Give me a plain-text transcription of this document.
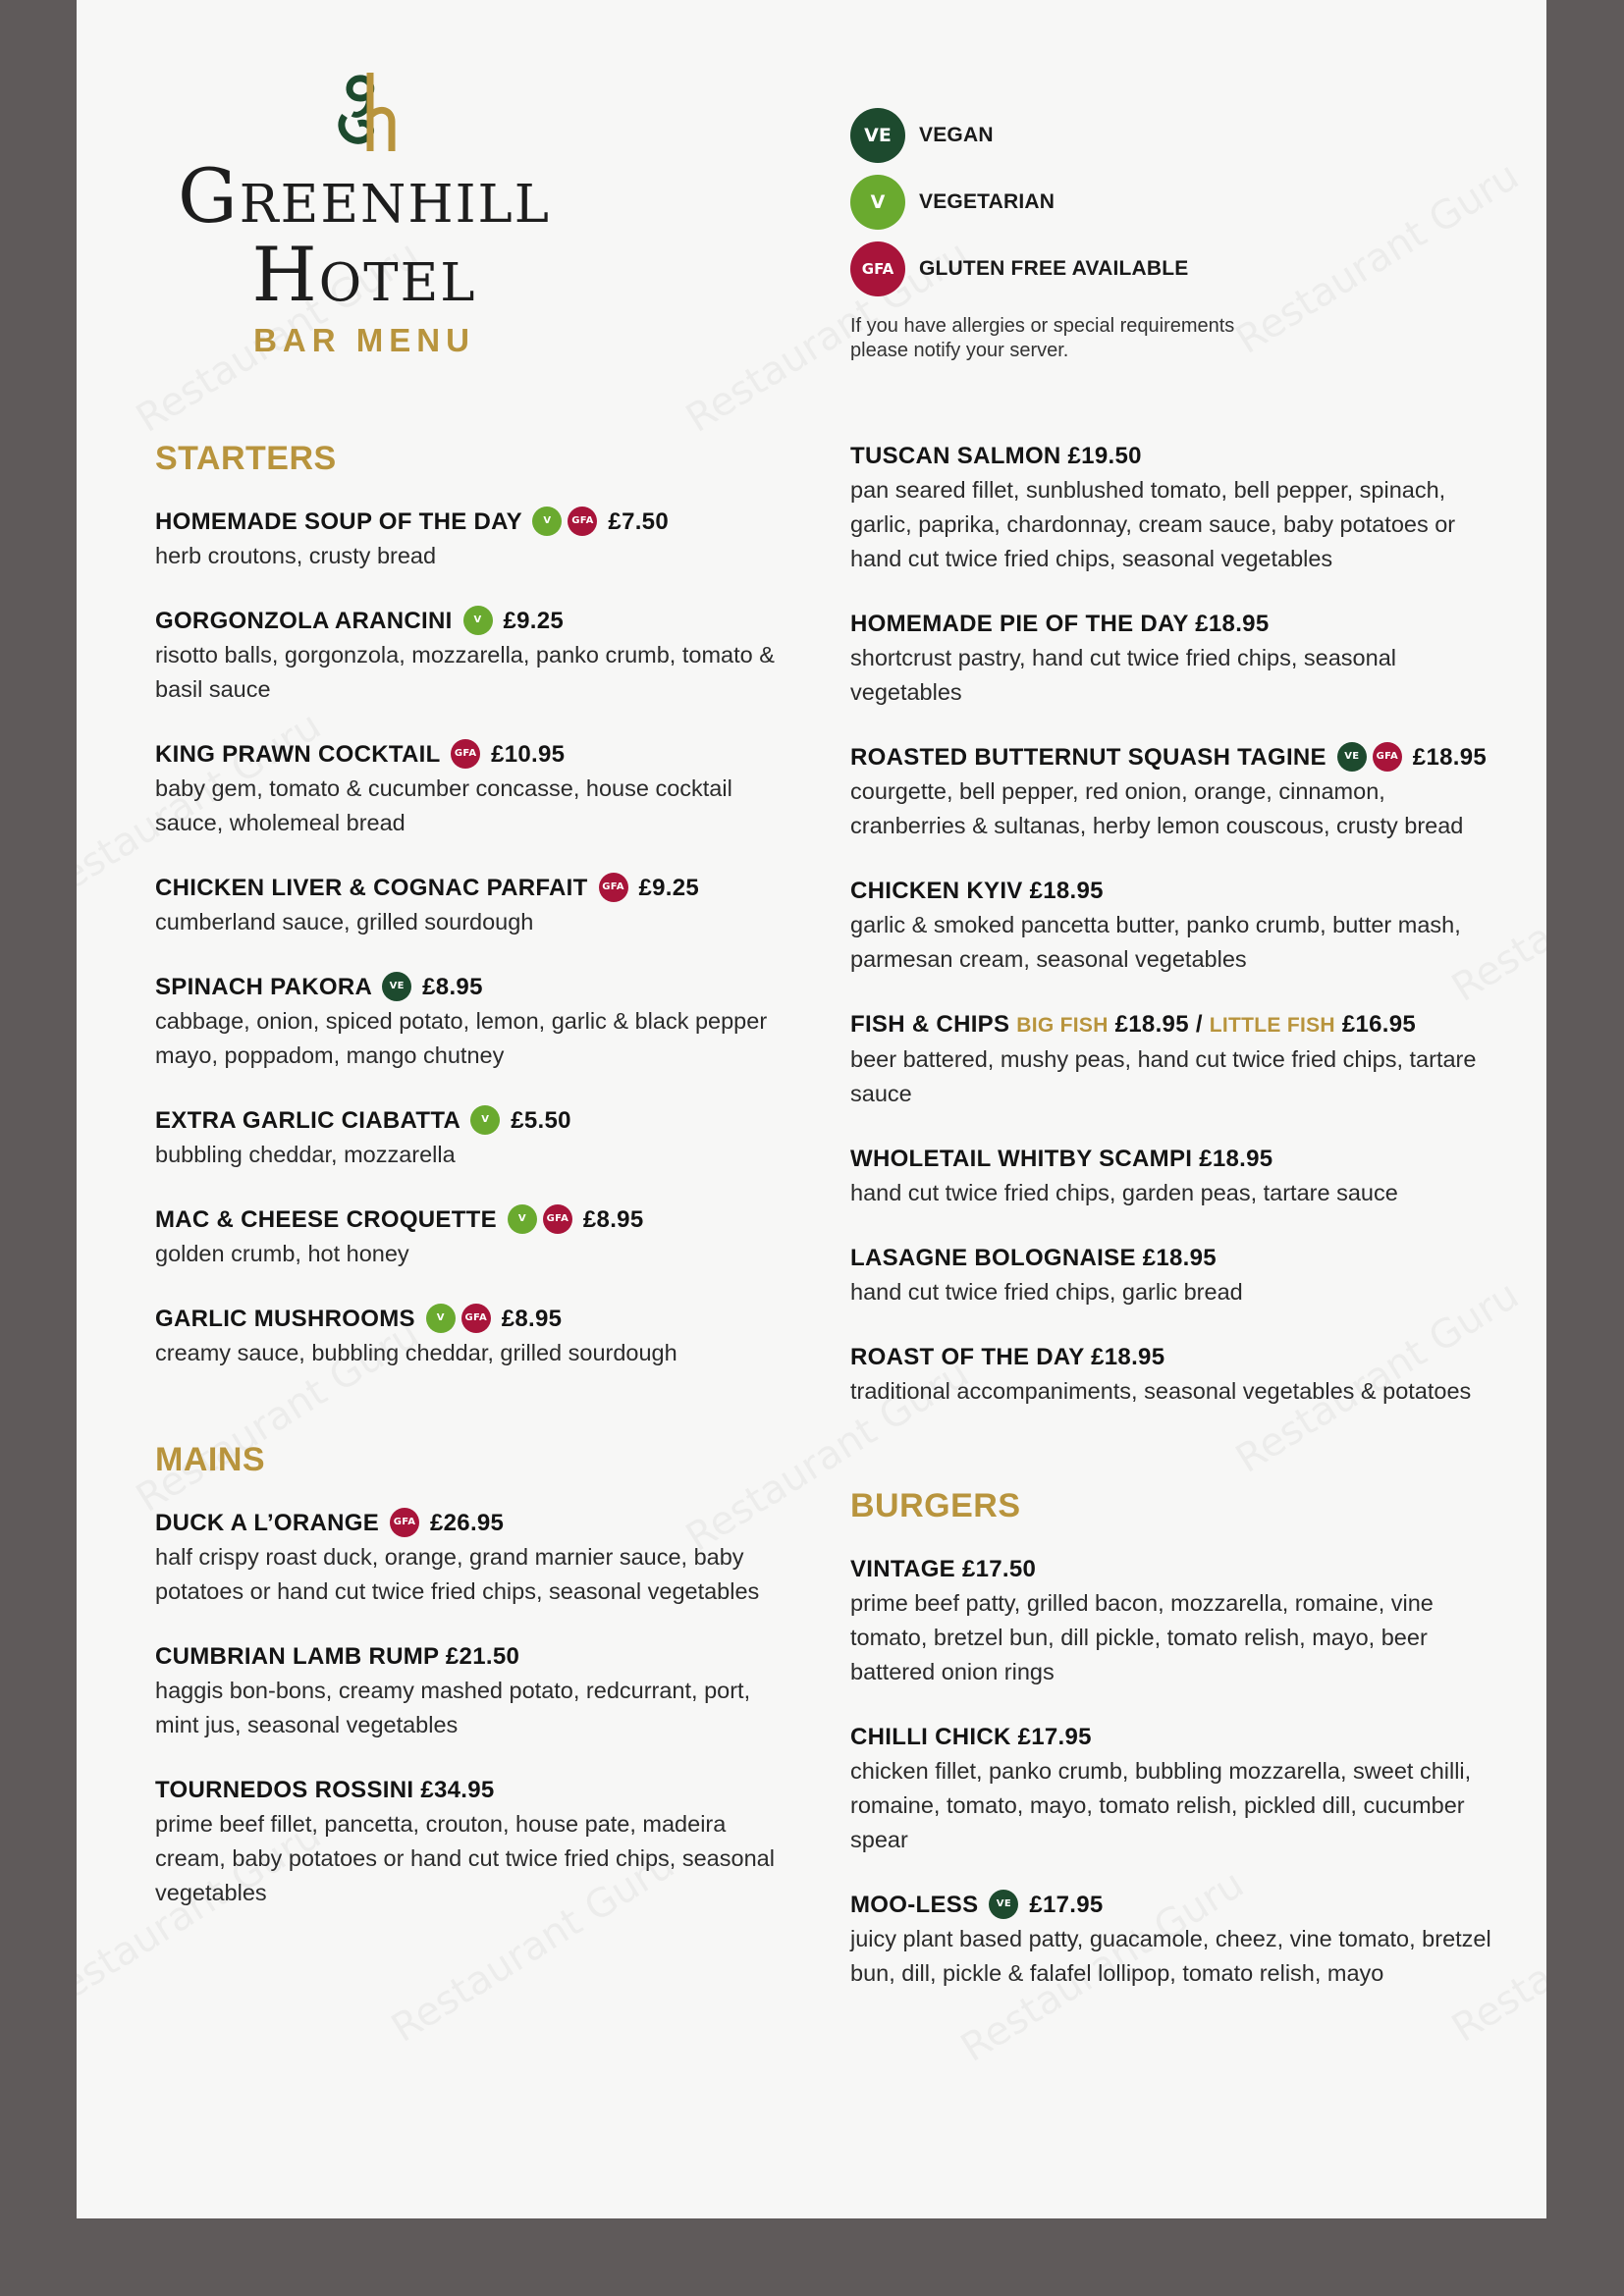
Greenhill
Hotel
BAR MENU
VE	VEGAN
V	VEGETARIAN
GFA	GLUTEN FREE AVAILABLE
If you have allergies or special requirements please notify your server.
STARTERS
HOMEMADE SOUP OF THE DAY	V	GFA £7.50
herb croutons, crusty bread
GORGONZOLA ARANCINI	V £9.25
risotto balls, gorgonzola, mozzarella, panko crumb, tomato & basil sauce
KING PRAWN COCKTAIL	GFA £10.95
baby gem, tomato & cucumber concasse, house cocktail sauce, wholemeal bread
CHICKEN LIVER & COGNAC PARFAIT	GFA £9.25
cumberland sauce, grilled sourdough
SPINACH PAKORA	VE £8.95
cabbage, onion, spiced potato, lemon, garlic & black pepper mayo, poppadom, mango chutney
EXTRA GARLIC CIABATTA	V £5.50
bubbling cheddar, mozzarella
MAC & CHEESE CROQUETTE	V	GFA £8.95
golden crumb, hot honey
GARLIC MUSHROOMS	V	GFA £8.95
creamy sauce, bubbling cheddar, grilled sourdough
MAINS
DUCK A L’ORANGE	GFA £26.95
half crispy roast duck, orange, grand marnier sauce, baby potatoes or hand cut twice fried chips, seasonal vegetables
CUMBRIAN LAMB RUMP £21.50
haggis bon-bons, creamy mashed potato, redcurrant, port, mint jus, seasonal vegetables
TOURNEDOS ROSSINI £34.95
prime beef fillet, pancetta, crouton, house pate, madeira cream, baby potatoes or hand cut twice fried chips, seasonal vegetables
TUSCAN SALMON £19.50
pan seared fillet, sunblushed tomato, bell pepper, spinach, garlic, paprika, chardonnay, cream sauce, baby potatoes or hand cut twice fried chips, seasonal vegetables
HOMEMADE PIE OF THE DAY £18.95
shortcrust pastry, hand cut twice fried chips, seasonal vegetables
ROASTED BUTTERNUT SQUASH TAGINE	VE	GFA £18.95
courgette, bell pepper, red onion, orange, cinnamon, cranberries & sultanas, herby lemon couscous, crusty bread
CHICKEN KYIV £18.95
garlic & smoked pancetta butter, panko crumb, butter mash, parmesan cream, seasonal vegetables
FISH & CHIPS BIG FISH £18.95 / LITTLE FISH £16.95
beer battered, mushy peas, hand cut twice fried chips, tartare sauce
WHOLETAIL WHITBY SCAMPI £18.95
hand cut twice fried chips, garden peas, tartare sauce
LASAGNE BOLOGNAISE £18.95
hand cut twice fried chips, garlic bread
ROAST OF THE DAY £18.95
traditional accompaniments, seasonal vegetables & potatoes
BURGERS
VINTAGE £17.50
prime beef patty, grilled bacon, mozzarella, romaine, vine tomato, bretzel bun, dill pickle, tomato relish, mayo, beer battered onion rings
CHILLI CHICK £17.95
chicken fillet, panko crumb, bubbling mozzarella, sweet chilli, romaine, tomato, mayo, tomato relish, pickled dill, cucumber spear
MOO-LESS	VE £17.95
juicy plant based patty, guacamole, cheez, vine tomato, bretzel bun, dill, pickle & falafel lollipop, tomato relish, mayo
